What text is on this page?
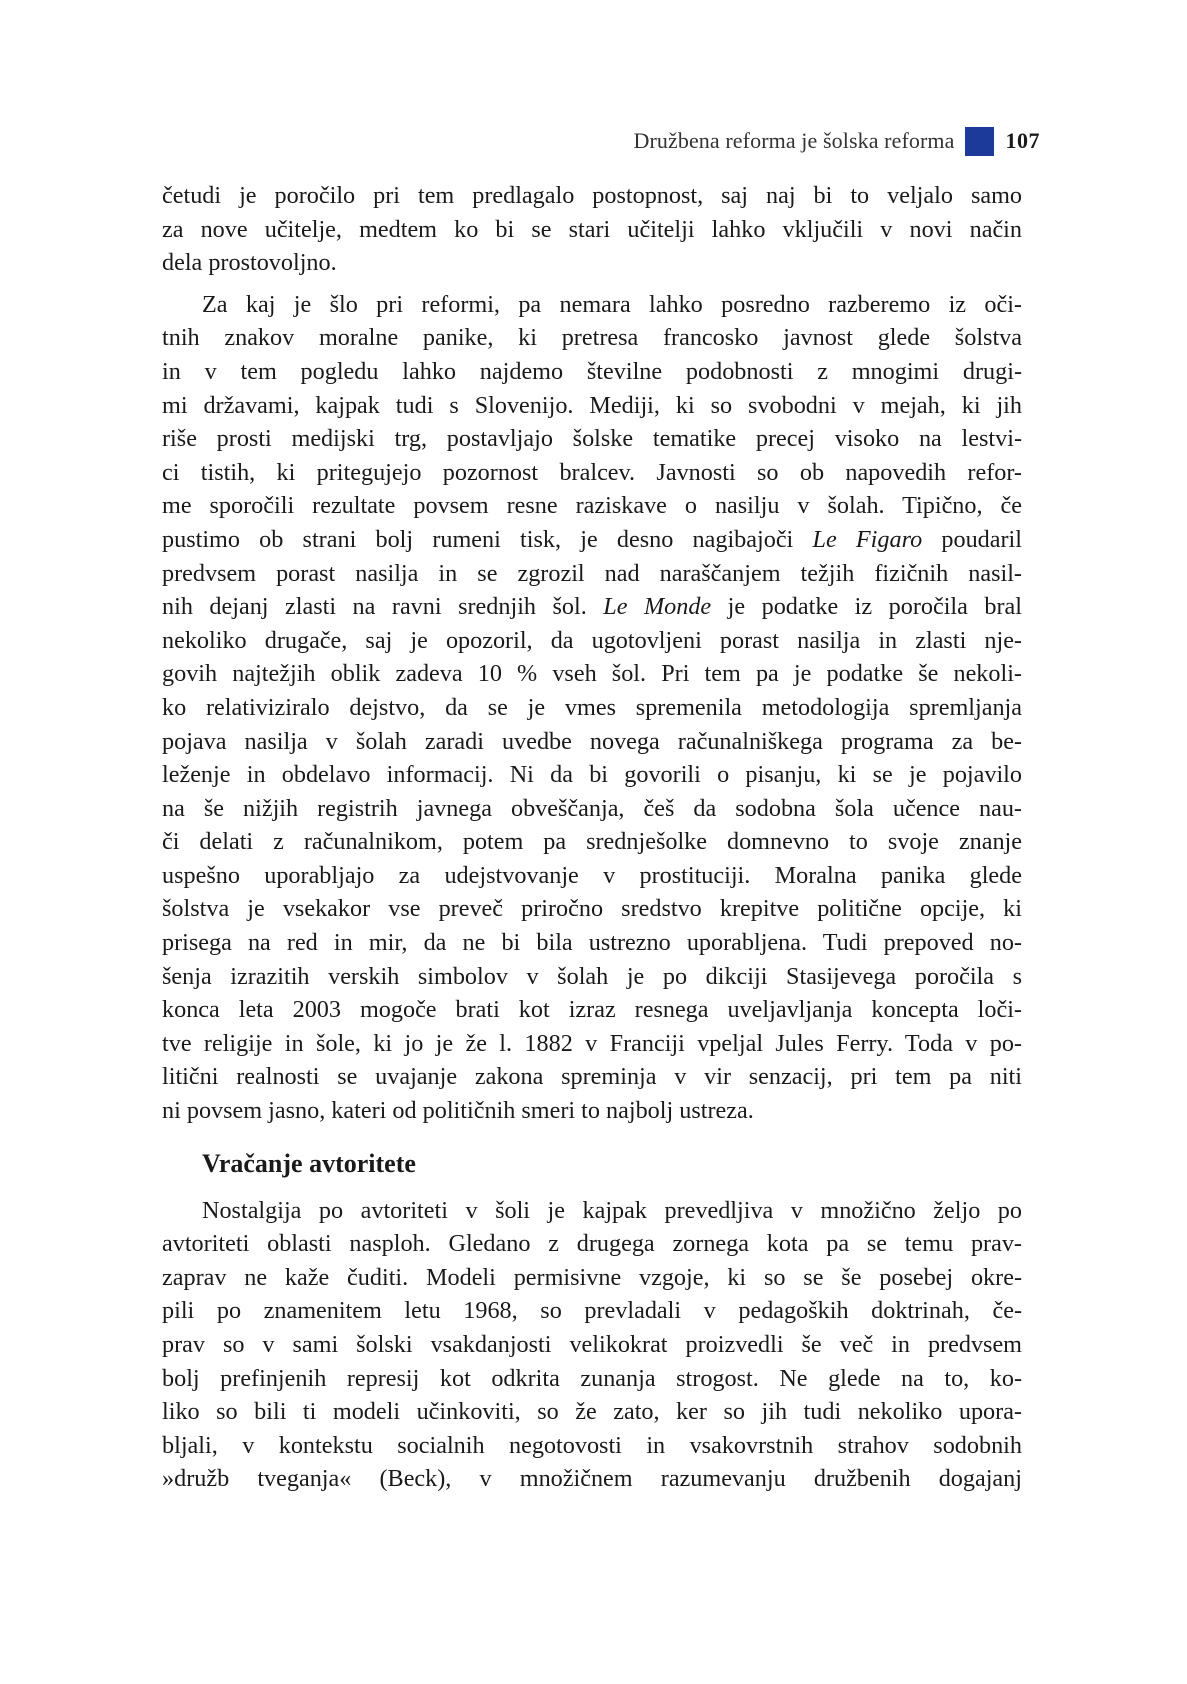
Družbena reforma je šolska reforma 107
četudi je poročilo pri tem predlagalo postopnost, saj naj bi to veljalo samo
za nove učitelje, medtem ko bi se stari učitelji lahko vključili v novi način
dela prostovoljno.
Za kaj je šlo pri reformi, pa nemara lahko posredno razberemo iz oči-
tnih znakov moralne panike, ki pretresa francosko javnost glede šolstva
in v tem pogledu lahko najdemo številne podobnosti z mnogimi drugi-
mi državami, kajpak tudi s Slovenijo. Mediji, ki so svobodni v mejah, ki jih
riše prosti medijski trg, postavljajo šolske tematike precej visoko na lestvi-
ci tistih, ki pritegujejo pozornost bralcev. Javnosti so ob napovedih refor-
me sporočili rezultate povsem resne raziskave o nasilju v šolah. Tipično, če
pustimo ob strani bolj rumeni tisk, je desno nagibajoči Le Figaro poudaril
predvsem porast nasilja in se zgrozil nad naraščanjem težjih fizičnih nasil-
nih dejanj zlasti na ravni srednjih šol. Le Monde je podatke iz poročila bral
nekoliko drugače, saj je opozoril, da ugotovljeni porast nasilja in zlasti nje-
govih najtežjih oblik zadeva 10 % vseh šol. Pri tem pa je podatke še nekoli-
ko relativiziralo dejstvo, da se je vmes spremenila metodologija spremljanja
pojava nasilja v šolah zaradi uvedbe novega računalniškega programa za be-
leženje in obdelavo informacij. Ni da bi govorili o pisanju, ki se je pojavilo
na še nižjih registrih javnega obveščanja, češ da sodobna šola učence nau-
či delati z računalnikom, potem pa srednješolke domnevno to svoje znanje
uspešno uporabljajo za udejstvovanje v prostituciji. Moralna panika glede
šolstva je vsekakor vse preveč priročno sredstvo krepitve politične opcije, ki
prisega na red in mir, da ne bi bila ustrezno uporabljena. Tudi prepoved no-
šenja izrazitih verskih simbolov v šolah je po dikciji Stasijevega poročila s
konca leta 2003 mogoče brati kot izraz resnega uveljavljanja koncepta loči-
tve religije in šole, ki jo je že l. 1882 v Franciji vpeljal Jules Ferry. Toda v po-
litični realnosti se uvajanje zakona spreminja v vir senzacij, pri tem pa niti
ni povsem jasno, kateri od političnih smeri to najbolj ustreza.
Vračanje avtoritete
Nostalgija po avtoriteti v šoli je kajpak prevedljiva v množično željo po
avtoriteti oblasti nasploh. Gledano z drugega zornega kota pa se temu prav-
zaprav ne kaže čuditi. Modeli permisivne vzgoje, ki so se še posebej okre-
pili po znamenitem letu 1968, so prevladali v pedagoških doktrinah, če-
prav so v sami šolski vsakdanjosti velikokrat proizvedli še več in predvsem
bolj prefinjenih represij kot odkrita zunanja strogost. Ne glede na to, ko-
liko so bili ti modeli učinkoviti, so že zato, ker so jih tudi nekoliko upora-
bljali, v kontekstu socialnih negotovosti in vsakovrstnih strahov sodobnih
»družb tveganja« (Beck), v množičnem razumevanju družbenih dogajanj
